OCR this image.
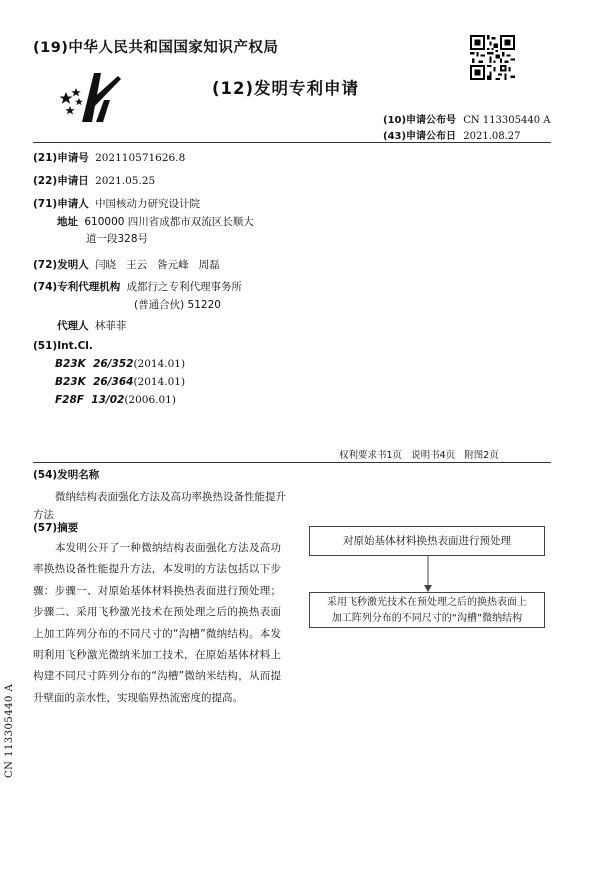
(19)中华人民共和国国家知识产权局
(12)发明专利申请
(10)申请公布号 CN 113305440 A
(43)申请公布日 2021.08.27
(21)申请号 202110571626.8
(22)申请日 2021.05.25
(71)申请人 中国核动力研究设计院
地址 610000 四川省成都市双流区长顺大
道一段328号
(72)发明人 闫晓   王云   昝元峰   周磊
(74)专利代理机构 成都行之专利代理事务所
(普通合伙) 51220
代理人 林菲菲
(51)Int.Cl.
B23K  26/352(2014.01)
B23K  26/364(2014.01)
F28F  13/02(2006.01)
权利要求书1页   说明书4页   附图2页
(54)发明名称
微纳结构表面强化方法及高功率换热设备性能提升方法
(57)摘要
本发明公开了一种微纳结构表面强化方法及高功率换热设备性能提升方法，本发明的方法包括以下步骤：步骤一、对原始基体材料换热表面进行预处理；步骤二、采用飞秒激光技术在预处理之后的换热表面上加工阵列分布的不同尺寸的“沟槽”微纳结构。本发明利用飞秒激光微纳米加工技术，在原始基体材料上构建不同尺寸阵列分布的“沟槽”微纳米结构，从而提升壁面的亲水性，实现临界热流密度的提高。
对原始基体材料换热表面进行预处理
采用飞秒激光技术在预处理之后的换热表面上
加工阵列分布的不同尺寸的“沟槽”微纳结构
CN 113305440 A
